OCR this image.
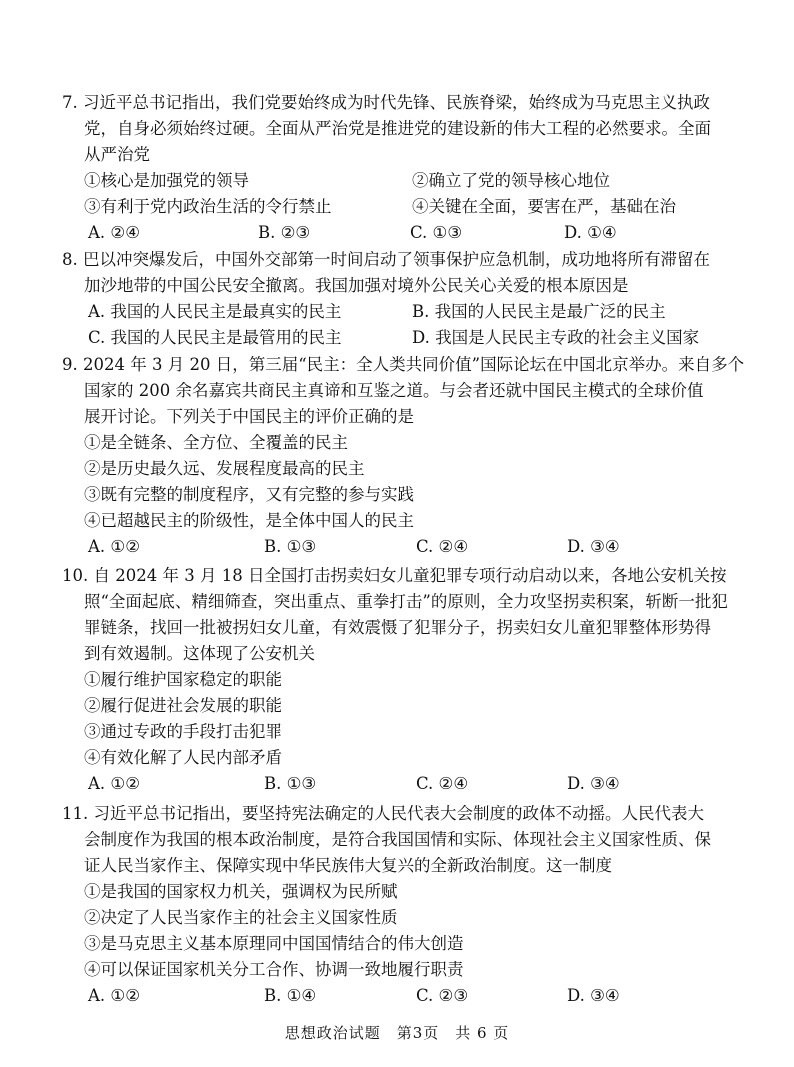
7. 习近平总书记指出，我们党要始终成为时代先锋、民族脊梁，始终成为马克思主义执政
党，自身必须始终过硬。全面从严治党是推进党的建设新的伟大工程的必然要求。全面
从严治党
①核心是加强党的领导	②确立了党的领导核心地位
③有利于党内政治生活的令行禁止	④关键在全面，要害在严，基础在治
A. ②④	B. ②③	C. ①③	D. ①④
8. 巴以冲突爆发后，中国外交部第一时间启动了领事保护应急机制，成功地将所有滞留在
加沙地带的中国公民安全撤离。我国加强对境外公民关心关爱的根本原因是
A. 我国的人民民主是最真实的民主	B. 我国的人民民主是最广泛的民主
C. 我国的人民民主是最管用的民主	D. 我国是人民民主专政的社会主义国家
9. 2024 年 3 月 20 日，第三届“民主：全人类共同价值”国际论坛在中国北京举办。来自多个
国家的 200 余名嘉宾共商民主真谛和互鉴之道。与会者还就中国民主模式的全球价值
展开讨论。下列关于中国民主的评价正确的是
①是全链条、全方位、全覆盖的民主
②是历史最久远、发展程度最高的民主
③既有完整的制度程序，又有完整的参与实践
④已超越民主的阶级性，是全体中国人的民主
A. ①②	B. ①③	C. ②④	D. ③④
10. 自 2024 年 3 月 18 日全国打击拐卖妇女儿童犯罪专项行动启动以来，各地公安机关按
照“全面起底、精细筛查，突出重点、重拳打击”的原则，全力攻坚拐卖积案，斩断一批犯
罪链条，找回一批被拐妇女儿童，有效震慑了犯罪分子，拐卖妇女儿童犯罪整体形势得
到有效遏制。这体现了公安机关
①履行维护国家稳定的职能
②履行促进社会发展的职能
③通过专政的手段打击犯罪
④有效化解了人民内部矛盾
A. ①②	B. ①③	C. ②④	D. ③④
11. 习近平总书记指出，要坚持宪法确定的人民代表大会制度的政体不动摇。人民代表大
会制度作为我国的根本政治制度，是符合我国国情和实际、体现社会主义国家性质、保
证人民当家作主、保障实现中华民族伟大复兴的全新政治制度。这一制度
①是我国的国家权力机关，强调权为民所赋
②决定了人民当家作主的社会主义国家性质
③是马克思主义基本原理同中国国情结合的伟大创造
④可以保证国家机关分工合作、协调一致地履行职责
A. ①②	B. ①④	C. ②③	D. ③④
思想政治试题　第3页　共 6 页
